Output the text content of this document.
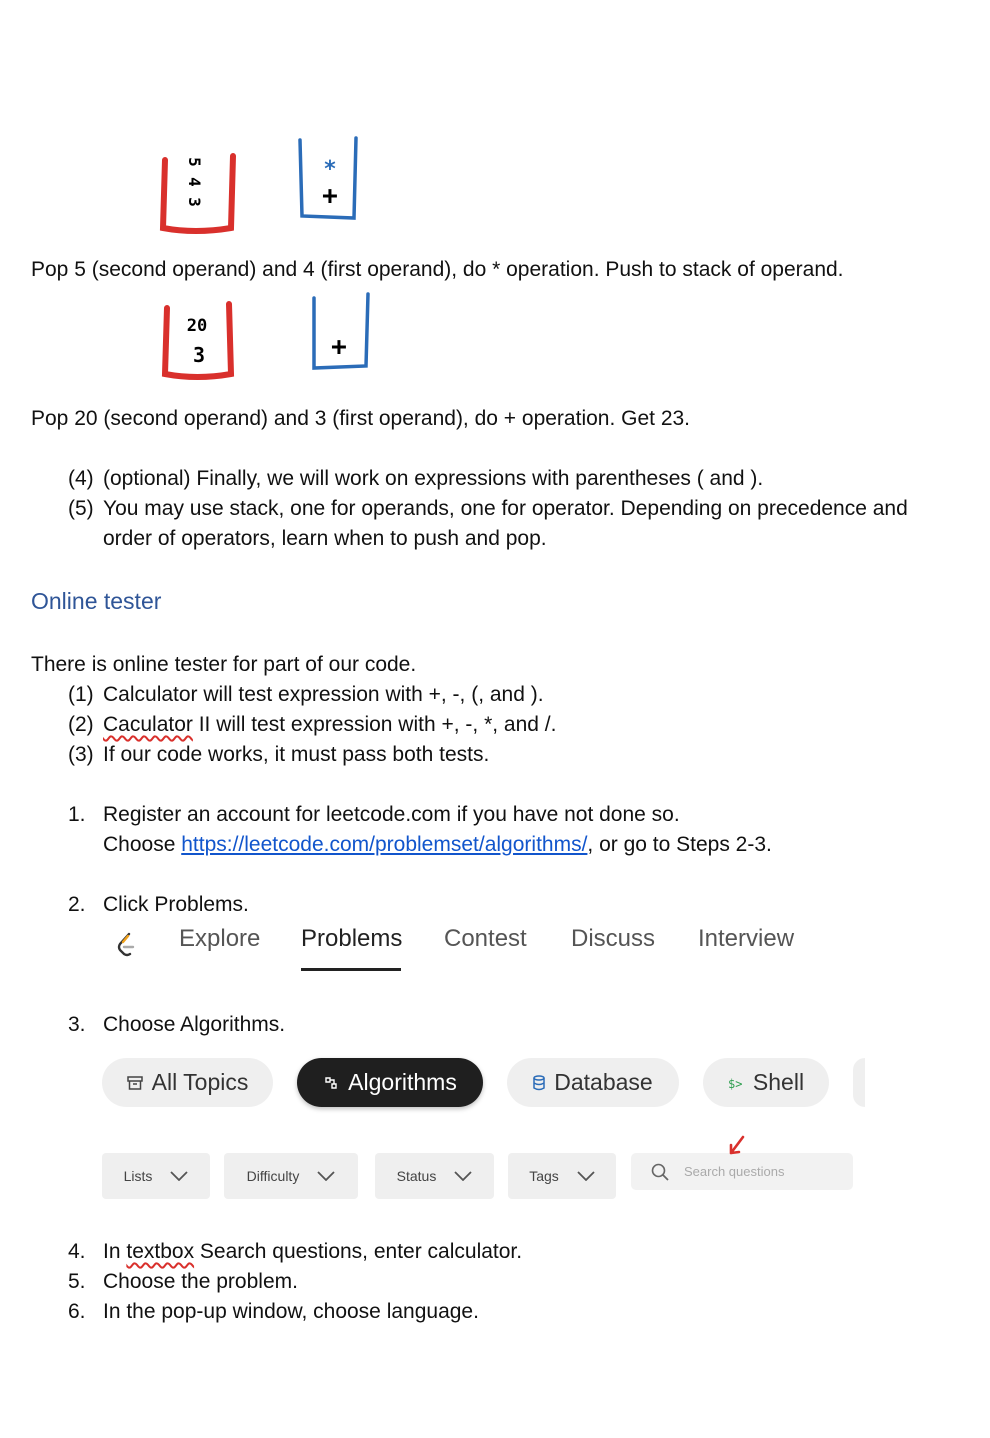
5
4
3
*
+
Pop 5 (second operand) and 4 (first operand), do * operation. Push to stack of operand.
20
3	+
Pop 20 (second operand) and 3 (first operand), do + operation. Get 23.
(4) (optional) Finally, we will work on expressions with parentheses ( and ).
(5) You may use stack, one for operands, one for operator. Depending on precedence and
order of operators, learn when to push and pop.
Online tester
There is online tester for part of our code.
(1) Calculator will test expression with +, -, (, and ).
(2) Caculator II will test expression with +, -, *, and /.
(3) If our code works, it must pass both tests.
1. Register an account for leetcode.com if you have not done so.
Choose https://leetcode.com/problemset/algorithms/, or go to Steps 2-3.
2. Click Problems.
Explore Problems Contest Discuss Interview
3. Choose Algorithms.
All Topics	Algorithms	Database	$> Shell
Lists	Difficulty	Status	Tags	Search questions
4. In textbox Search questions, enter calculator.
5. Choose the problem.
6. In the pop-up window, choose language.
